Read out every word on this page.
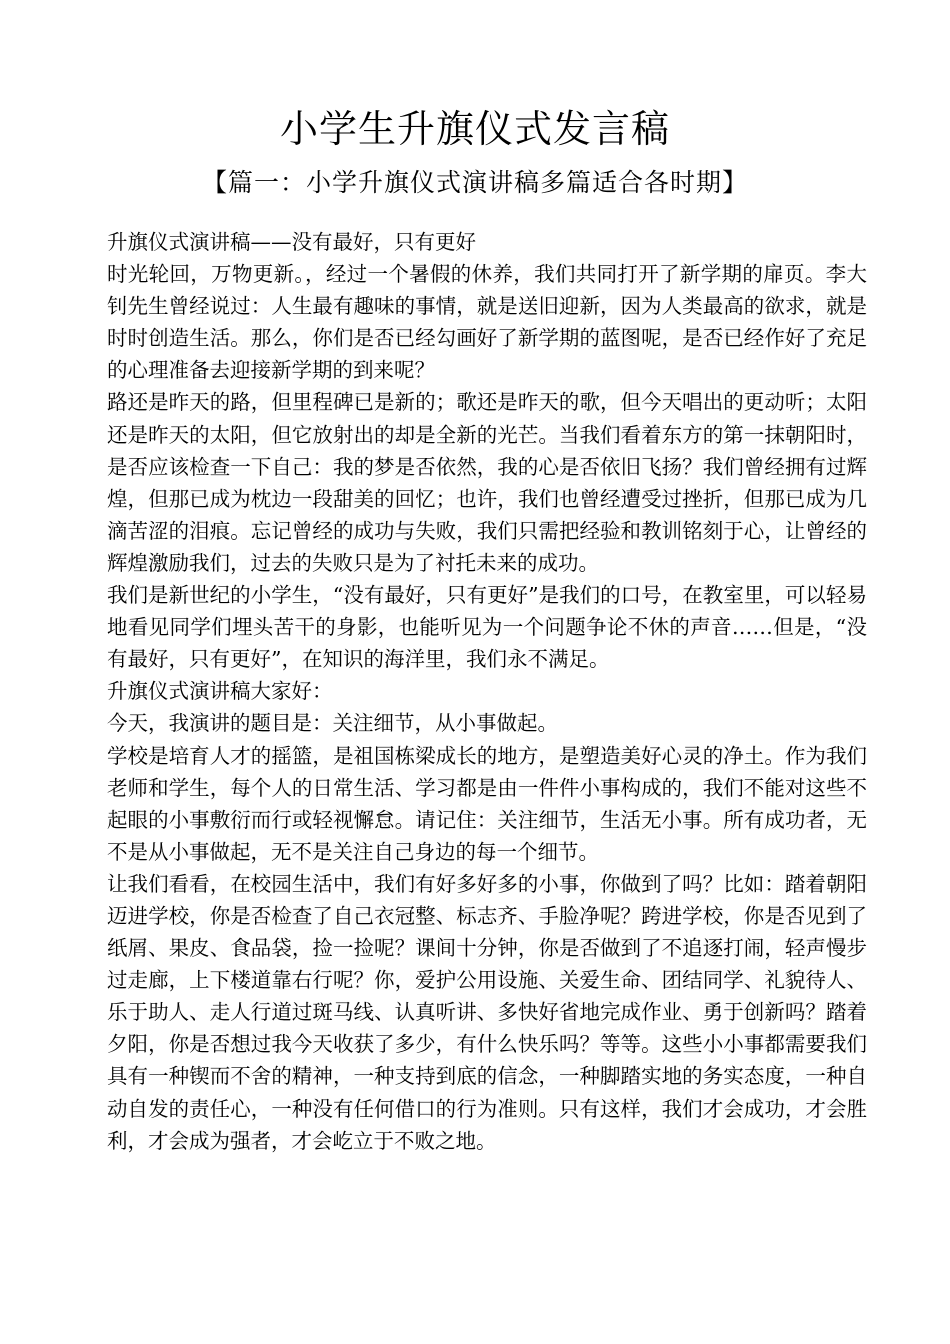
小学生升旗仪式发言稿
【篇一：小学升旗仪式演讲稿多篇适合各时期】

升旗仪式演讲稿——没有最好，只有更好

时光轮回，万物更新。，经过一个暑假的休养，我们共同打开了新学期的扉页。李大钊先生曾经说过：人生最有趣味的事情，就是送旧迎新，因为人类最高的欲求，就是时时创造生活。那么，你们是否已经勾画好了新学期的蓝图呢，是否已经作好了充足的心理准备去迎接新学期的到来呢？

路还是昨天的路，但里程碑已是新的；歌还是昨天的歌，但今天唱出的更动听；太阳还是昨天的太阳，但它放射出的却是全新的光芒。当我们看着东方的第一抹朝阳时，是否应该检查一下自己：我的梦是否依然，我的心是否依旧飞扬？我们曾经拥有过辉煌，但那已成为枕边一段甜美的回忆；也许，我们也曾经遭受过挫折，但那已成为几滴苦涩的泪痕。忘记曾经的成功与失败，我们只需把经验和教训铭刻于心，让曾经的辉煌激励我们，过去的失败只是为了衬托未来的成功。

我们是新世纪的小学生，“没有最好，只有更好”是我们的口号，在教室里，可以轻易地看见同学们埋头苦干的身影，也能听见为一个问题争论不休的声音……但是，“没有最好，只有更好”，在知识的海洋里，我们永不满足。

升旗仪式演讲稿大家好：

今天，我演讲的题目是：关注细节，从小事做起。

学校是培育人才的摇篮，是祖国栋梁成长的地方，是塑造美好心灵的净土。作为我们老师和学生，每个人的日常生活、学习都是由一件件小事构成的，我们不能对这些不起眼的小事敷衍而行或轻视懈怠。请记住：关注细节，生活无小事。所有成功者，无不是从小事做起，无不是关注自己身边的每一个细节。

让我们看看，在校园生活中，我们有好多好多的小事，你做到了吗？比如：踏着朝阳迈进学校，你是否检查了自己衣冠整、标志齐、手脸净呢？跨进学校，你是否见到了纸屑、果皮、食品袋，捡一捡呢？课间十分钟，你是否做到了不追逐打闹，轻声慢步过走廊，上下楼道靠右行呢？你，爱护公用设施、关爱生命、团结同学、礼貌待人、乐于助人、走人行道过斑马线、认真听讲、多快好省地完成作业、勇于创新吗？踏着夕阳，你是否想过我今天收获了多少，有什么快乐吗？等等。这些小小事都需要我们具有一种锲而不舍的精神，一种支持到底的信念，一种脚踏实地的务实态度，一种自动自发的责任心，一种没有任何借口的行为准则。只有这样，我们才会成功，才会胜利，才会成为强者，才会屹立于不败之地。
